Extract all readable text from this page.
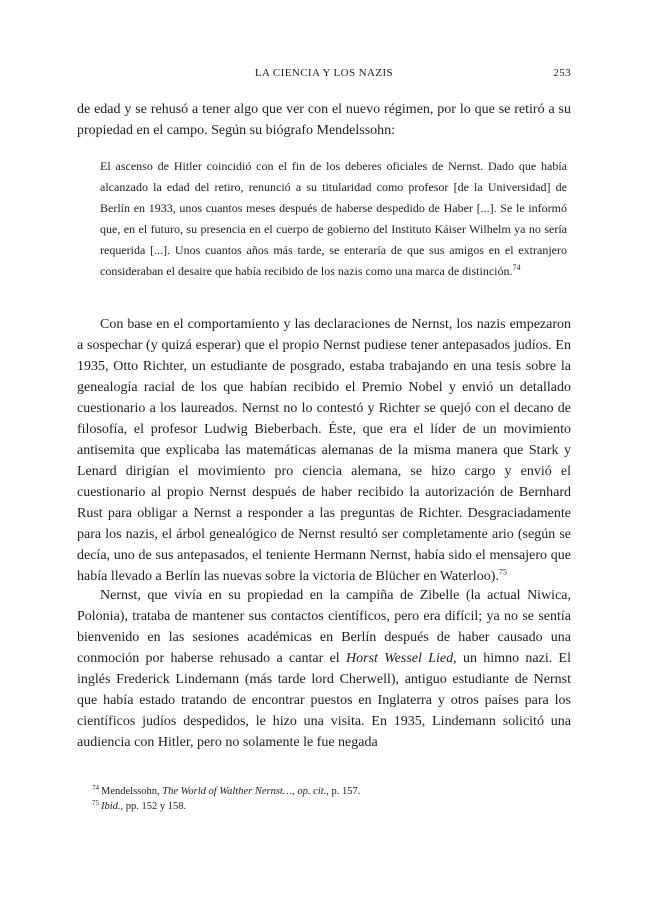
LA CIENCIA Y LOS NAZIS	253
de edad y se rehusó a tener algo que ver con el nuevo régimen, por lo que se retiró a su propiedad en el campo. Según su biógrafo Mendelssohn:
El ascenso de Hitler coincidió con el fin de los deberes oficiales de Nernst. Dado que había alcanzado la edad del retiro, renunció a su titularidad como profesor [de la Universidad] de Berlín en 1933, unos cuantos meses después de haberse despedido de Haber [...]. Se le informó que, en el futuro, su presencia en el cuerpo de gobierno del Instituto Káiser Wilhelm ya no sería requerida [...]. Unos cuantos años más tarde, se enteraría de que sus amigos en el extranjero consideraban el desaire que había recibido de los nazis como una marca de distinción.$^{74}$
Con base en el comportamiento y las declaraciones de Nernst, los nazis empezaron a sospechar (y quizá esperar) que el propio Nernst pudiese tener antepasados judíos. En 1935, Otto Richter, un estudiante de posgrado, estaba trabajando en una tesis sobre la genealogía racial de los que habían recibido el Premio Nobel y envió un detallado cuestionario a los laureados. Nernst no lo contestó y Richter se quejó con el decano de filosofía, el profesor Ludwig Bieberbach. Éste, que era el líder de un movimiento antisemita que explicaba las matemáticas alemanas de la misma manera que Stark y Lenard dirigían el movimiento pro ciencia alemana, se hizo cargo y envió el cuestionario al propio Nernst después de haber recibido la autorización de Bernhard Rust para obligar a Nernst a responder a las preguntas de Richter. Desgraciadamente para los nazis, el árbol genealógico de Nernst resultó ser completamente ario (según se decía, uno de sus antepasados, el teniente Hermann Nernst, había sido el mensajero que había llevado a Berlín las nuevas sobre la victoria de Blücher en Waterloo).$^{75}$
Nernst, que vivía en su propiedad en la campiña de Zibelle (la actual Niwica, Polonia), trataba de mantener sus contactos científicos, pero era difícil; ya no se sentía bienvenido en las sesiones académicas en Berlín después de haber causado una conmoción por haberse rehusado a cantar el Horst Wessel Lied, un himno nazi. El inglés Frederick Lindemann (más tarde lord Cherwell), antiguo estudiante de Nernst que había estado tratando de encontrar puestos en Inglaterra y otros países para los científicos judíos despedidos, le hizo una visita. En 1935, Lindemann solicitó una audiencia con Hitler, pero no solamente le fue negada
$^{74}$ Mendelssohn, The World of Walther Nernst…, op. cit., p. 157.
$^{75}$ Ibid., pp. 152 y 158.
